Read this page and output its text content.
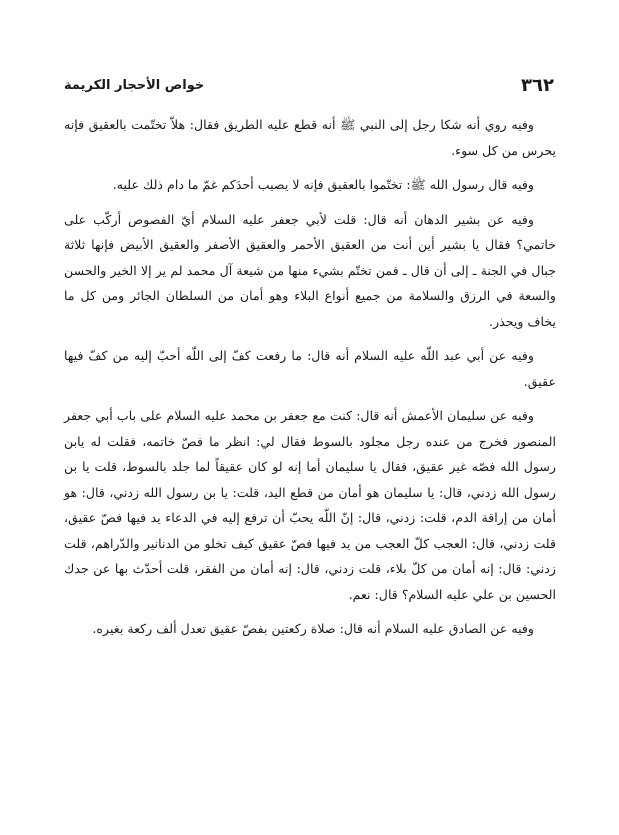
٣٦٢
خواص الأحجار الكريمة

وفيه روي أنه شكا رجل إلى النبي ﷺ أنه قطع عليه الطريق فقال: هلاّ تختّمت بالعقيق فإنه يحرس من كل سوء.

وفيه قال رسول الله ﷺ: تختّموا بالعقيق فإنه لا يصيب أحدَكم غمّ ما دام ذلك عليه.

وفيه عن بشير الدهان أنه قال: قلت لأبي جعفر عليه السلام أيّ الفصوص أركّب على خاتمي؟ فقال يا بشير أين أنت من العقيق الأحمر والعقيق الأصفر والعقيق الأبيض فإنها ثلاثة جبال في الجنة ـ إلى أن قال ـ فمن تختّم بشيء منها من شيعة آل محمد لم ير إلا الخير والحسن والسعة في الرزق والسلامة من جميع أنواع البلاء وهو أمان من السلطان الجائر ومن كل ما يخاف ويحذر.

وفيه عن أبي عبد اللّه عليه السلام أنه قال: ما رفعت كفّ إلى اللّه أحبّ إليه من كفّ فيها عقيق.

وفيه عن سليمان الأعمش أنه قال: كنت مع جعفر بن محمد عليه السلام على باب أبي جعفر المنصور فخرج من عنده رجل مجلود بالسوط فقال لي: انظر ما فصّ خاتمه، فقلت له يابن رسول الله فصّه غير عقيق، فقال يا سليمان أما إنه لو كان عقيقاً لما جلد بالسوط، قلت يا بن رسول الله زدني، قال: يا سليمان هو أمان من قطع اليد، قلت: يا بن رسول الله زدني، قال: هو أمان من إراقة الدم، قلت: زدني، قال: إنّ اللّه يحبّ أن ترفع إليه في الدعاء يد فيها فصّ عقيق، قلت زدني، قال: العجب كلّ العجب من يد فيها فصّ عقيق كيف تخلو من الدنانير والدّراهم، قلت زدني: قال: إنه أمان من كلّ بلاء، قلت زدني، قال: إنه أمان من الفقر، قلت أحدّث بها عن جدك الحسين بن علي عليه السلام؟ قال: نعم.

وفيه عن الصادق عليه السلام أنه قال: صلاة ركعتين بفصّ عقيق تعدل ألف ركعة بغيره.
